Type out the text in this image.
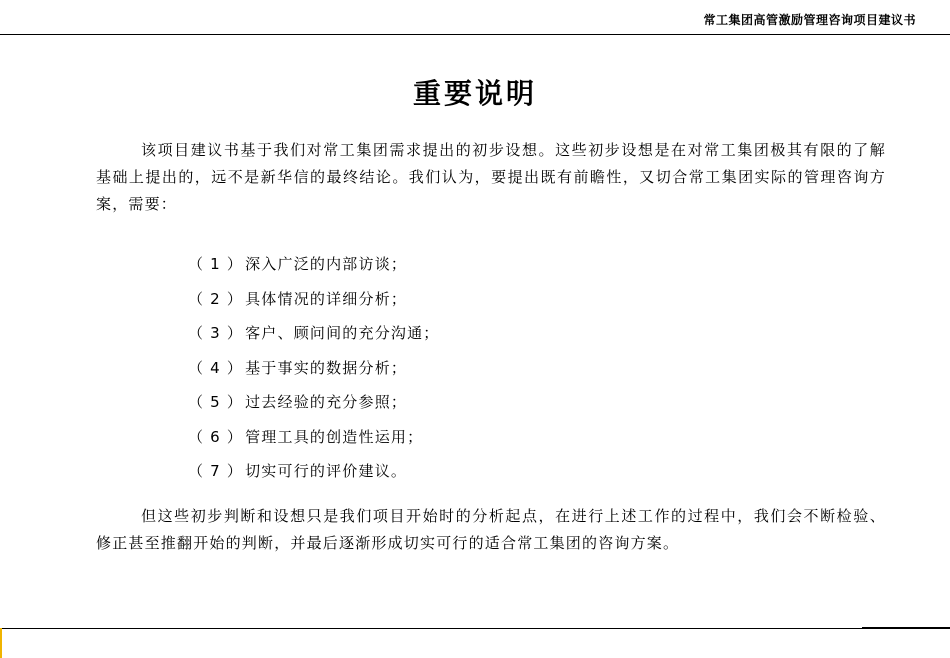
常工集团高管激励管理咨询项目建议书
重要说明

该项目建议书基于我们对常工集团需求提出的初步设想。这些初步设想是在对常工集团极其有限的了解基础上提出的，远不是新华信的最终结论。我们认为，要提出既有前瞻性，又切合常工集团实际的管理咨询方案，需要：

（ 1 ） 深入广泛的内部访谈；
（ 2 ） 具体情况的详细分析；
（ 3 ） 客户、顾问间的充分沟通；
（ 4 ） 基于事实的数据分析；
（ 5 ） 过去经验的充分参照；
（ 6 ） 管理工具的创造性运用；
（ 7 ） 切实可行的评价建议。

但这些初步判断和设想只是我们项目开始时的分析起点，在进行上述工作的过程中，我们会不断检验、修正甚至推翻开始的判断，并最后逐渐形成切实可行的适合常工集团的咨询方案。
